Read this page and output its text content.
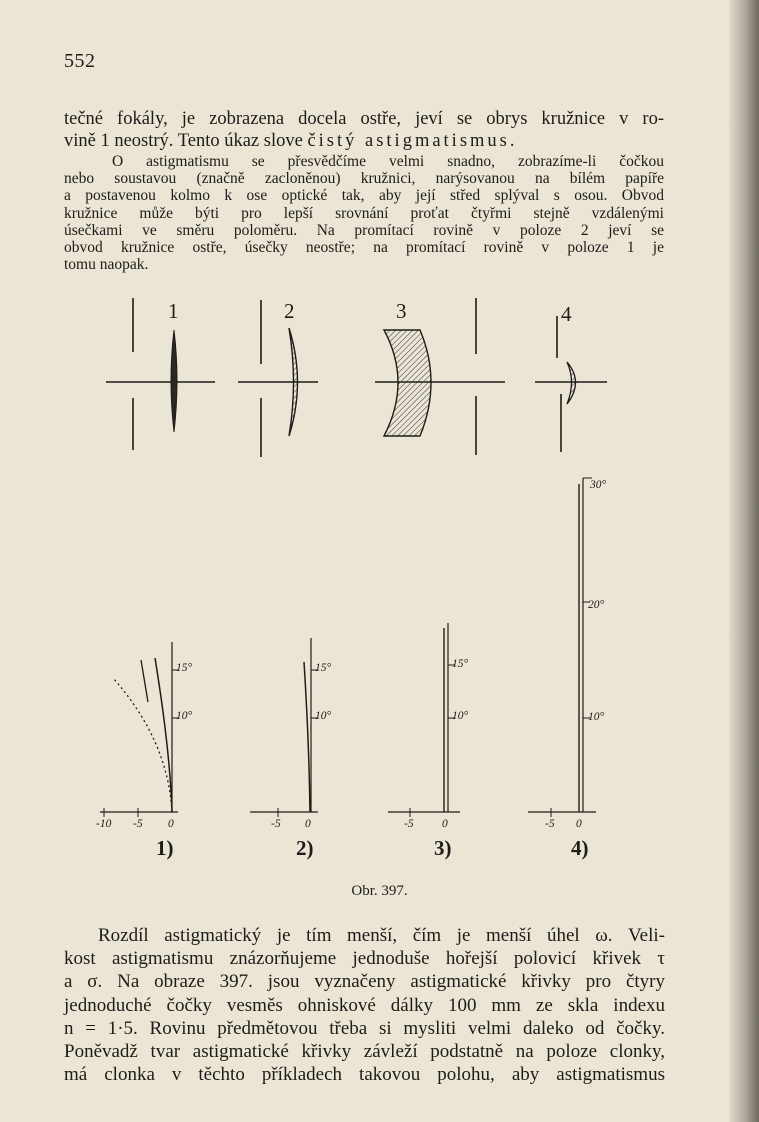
552
tečné fokály, je zobrazena docela ostře, jeví se obrys kružnice v ro-
vině 1 neostrý. Tento úkaz slove čistý astigmatismus.
O astigmatismu se přesvědčíme velmi snadno, zobrazíme-li čočkou
nebo soustavou (značně zacloněnou) kružnici, narýsovanou na bílém papíře
a postavenou kolmo k ose optické tak, aby její střed splýval s osou. Obvod
kružnice může býti pro lepší srovnání proťat čtyřmi stejně vzdálenými
úsečkami ve směru poloměru. Na promítací rovině v poloze 2 jeví se
obvod kružnice ostře, úsečky neostře; na promítací rovině v poloze 1 je
tomu naopak.
1	2	3	4
15°
10°
15°
10°
15°
10°
30°
20°
10°
-10 -5 0	-5 0	-5 0	-5 0
1)	2)	3)	4)
Obr. 397.
Rozdíl astigmatický je tím menší, čím je menší úhel ω. Veli-
kost astigmatismu znázorňujeme jednoduše hořejší polovicí křivek τ
a σ. Na obraze 397. jsou vyznačeny astigmatické křivky pro čtyry
jednoduché čočky vesměs ohniskové dálky 100 mm ze skla indexu
n = 1·5. Rovinu předmětovou třeba si mysliti velmi daleko od čočky.
Poněvadž tvar astigmatické křivky závleží podstatně na poloze clonky,
má clonka v těchto příkladech takovou polohu, aby astigmatismus
